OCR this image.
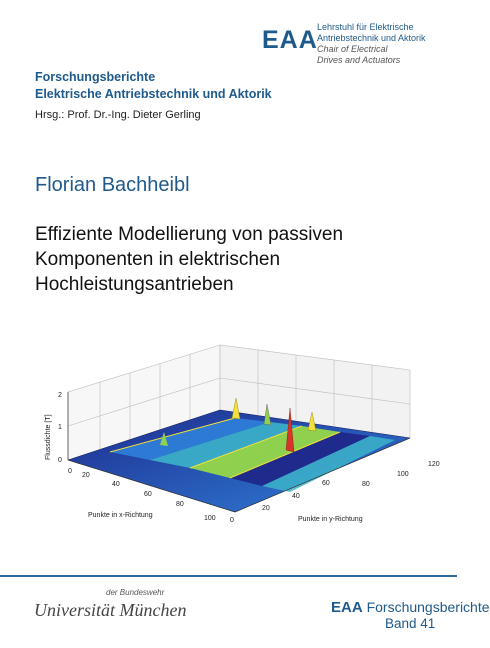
Forschungsberichte
Elektrische Antriebstechnik und Aktorik
Hrsg.: Prof. Dr.-Ing. Dieter Gerling
EAA Lehrstuhl für Elektrische
Antriebstechnik und Aktorik
Chair of Electrical
Drives and Actuators
Florian Bachheibl
Effiziente Modellierung von passiven
Komponenten in elektrischen
Hochleistungsantrieben
0
1
2
Flussdichte [T]
0
20
40
60
80
100
Punkte in x-Richtung
0
20
40
60	80
100
120
Punkte in y-Richtung
der Bundeswehr
Universität München	EAA Forschungsberichte
Band 41
